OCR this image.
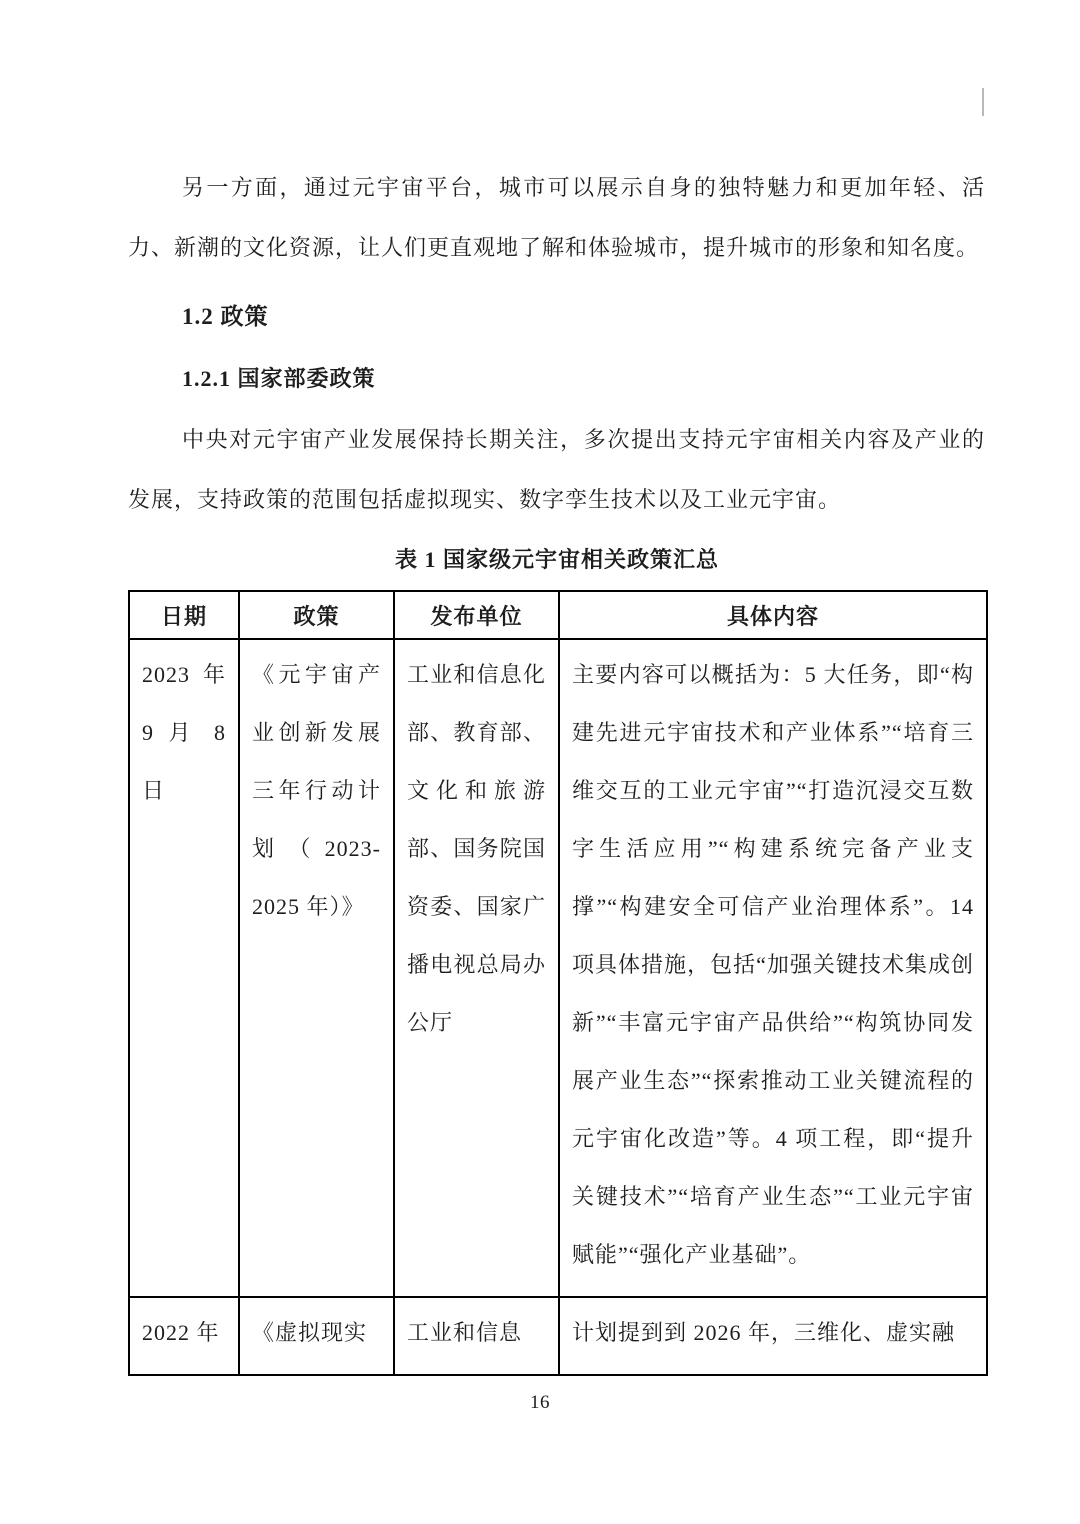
另一方面，通过元宇宙平台，城市可以展示自身的独特魅力和更加年轻、活力、新潮的文化资源，让人们更直观地了解和体验城市，提升城市的形象和知名度。

1.2 政策
1.2.1 国家部委政策

中央对元宇宙产业发展保持长期关注，多次提出支持元宇宙相关内容及产业的发展，支持政策的范围包括虚拟现实、数字孪生技术以及工业元宇宙。

表 1 国家级元宇宙相关政策汇总

日期	政策	发布单位	具体内容
2023 年 9 月 8 日	《元宇宙产业创新发展三年行动计划（2023-2025 年）》	工业和信息化部、教育部、文化和旅游部、国务院国资委、国家广播电视总局办公厅	主要内容可以概括为：5 大任务，即“构建先进元宇宙技术和产业体系”“培育三维交互的工业元宇宙”“打造沉浸交互数字生活应用”“构建系统完备产业支撑”“构建安全可信产业治理体系”。14 项具体措施，包括“加强关键技术集成创新”“丰富元宇宙产品供给”“构筑协同发展产业生态”“探索推动工业关键流程的元宇宙化改造”等。4 项工程，即“提升关键技术”“培育产业生态”“工业元宇宙赋能”“强化产业基础”。
2022 年	《虚拟现实	工业和信息	计划提到到 2026 年，三维化、虚实融
16
